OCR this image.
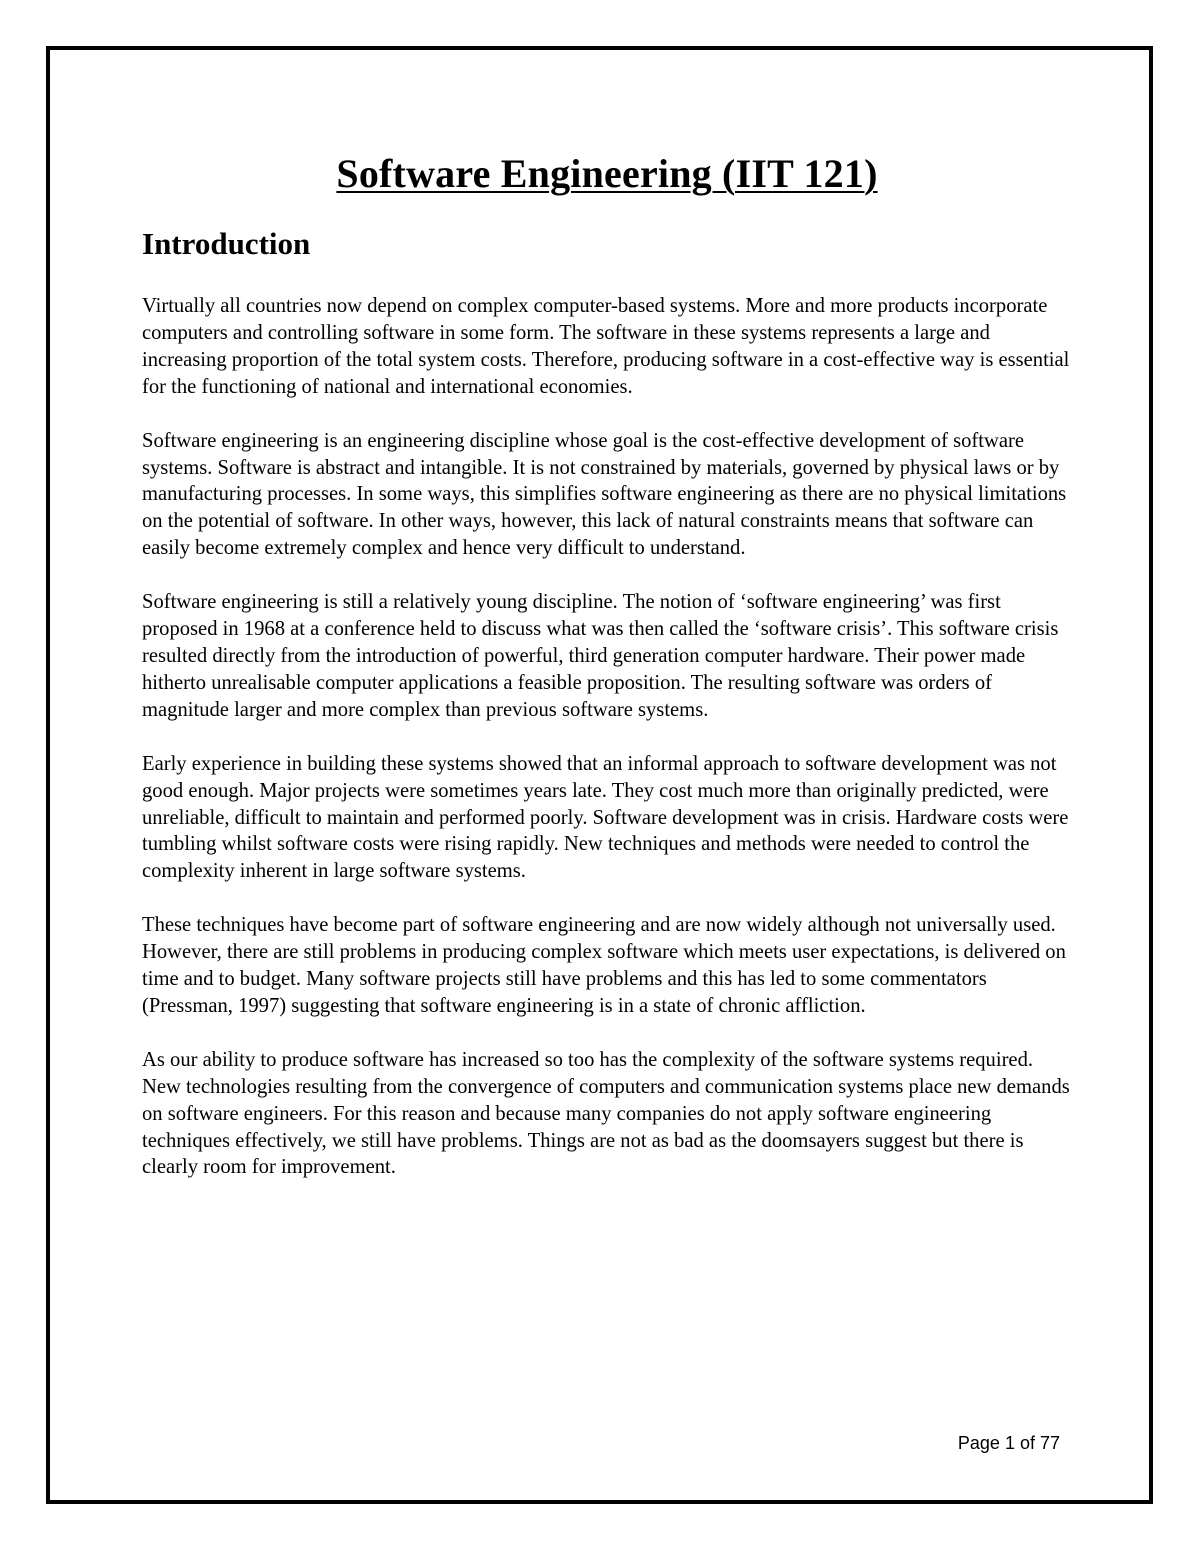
Software Engineering (IIT 121)
Introduction

Virtually all countries now depend on complex computer-based systems. More and more products incorporate computers and controlling software in some form. The software in these systems represents a large and increasing proportion of the total system costs. Therefore, producing software in a cost-effective way is essential for the functioning of national and international economies.

Software engineering is an engineering discipline whose goal is the cost-effective development of software systems. Software is abstract and intangible. It is not constrained by materials, governed by physical laws or by manufacturing processes. In some ways, this simplifies software engineering as there are no physical limitations on the potential of software. In other ways, however, this lack of natural constraints means that software can easily become extremely complex and hence very difficult to understand.

Software engineering is still a relatively young discipline. The notion of ‘software engineering’ was first proposed in 1968 at a conference held to discuss what was then called the ‘software crisis’. This software crisis resulted directly from the introduction of powerful, third generation computer hardware. Their power made hitherto unrealisable computer applications a feasible proposition. The resulting software was orders of magnitude larger and more complex than previous software systems.

Early experience in building these systems showed that an informal approach to software development was not good enough. Major projects were sometimes years late. They cost much more than originally predicted, were unreliable, difficult to maintain and performed poorly. Software development was in crisis. Hardware costs were tumbling whilst software costs were rising rapidly. New techniques and methods were needed to control the complexity inherent in large software systems.

These techniques have become part of software engineering and are now widely although not universally used. However, there are still problems in producing complex software which meets user expectations, is delivered on time and to budget. Many software projects still have problems and this has led to some commentators (Pressman, 1997) suggesting that software engineering is in a state of chronic affliction.

As our ability to produce software has increased so too has the complexity of the software systems required. New technologies resulting from the convergence of computers and communication systems place new demands on software engineers. For this reason and because many companies do not apply software engineering techniques effectively, we still have problems. Things are not as bad as the doomsayers suggest but there is clearly room for improvement.

Page 1 of 77
